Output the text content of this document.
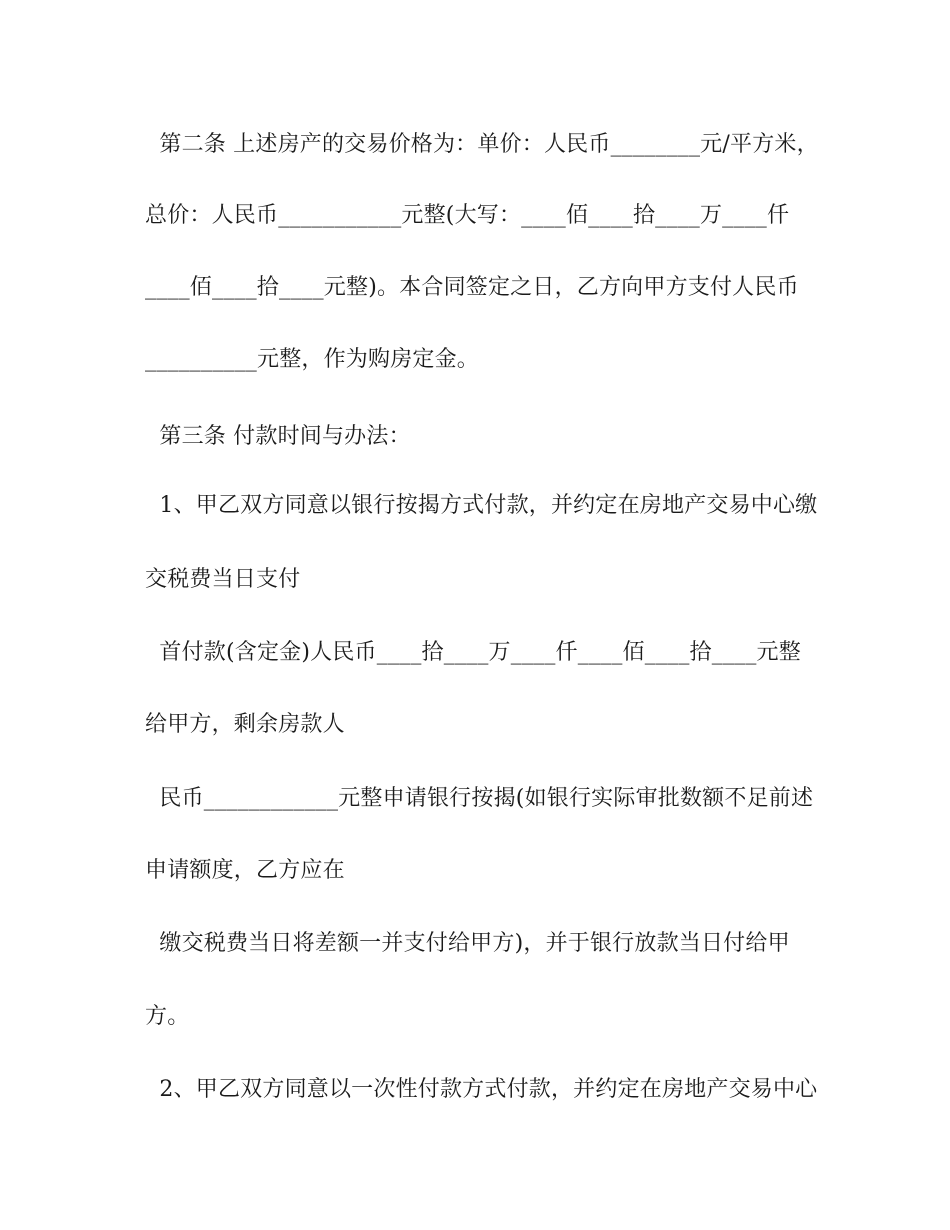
第二条 上述房产的交易价格为：单价：人民币________元/平方米，
总价：人民币___________元整(大写：____佰____拾____万____仟
____佰____拾____元整)。本合同签定之日，乙方向甲方支付人民币
__________元整，作为购房定金。
第三条 付款时间与办法：
1、甲乙双方同意以银行按揭方式付款，并约定在房地产交易中心缴
交税费当日支付
首付款(含定金)人民币____拾____万____仟____佰____拾____元整
给甲方，剩余房款人
民币____________元整申请银行按揭(如银行实际审批数额不足前述
申请额度，乙方应在
缴交税费当日将差额一并支付给甲方)，并于银行放款当日付给甲
方。
2、甲乙双方同意以一次性付款方式付款，并约定在房地产交易中心
